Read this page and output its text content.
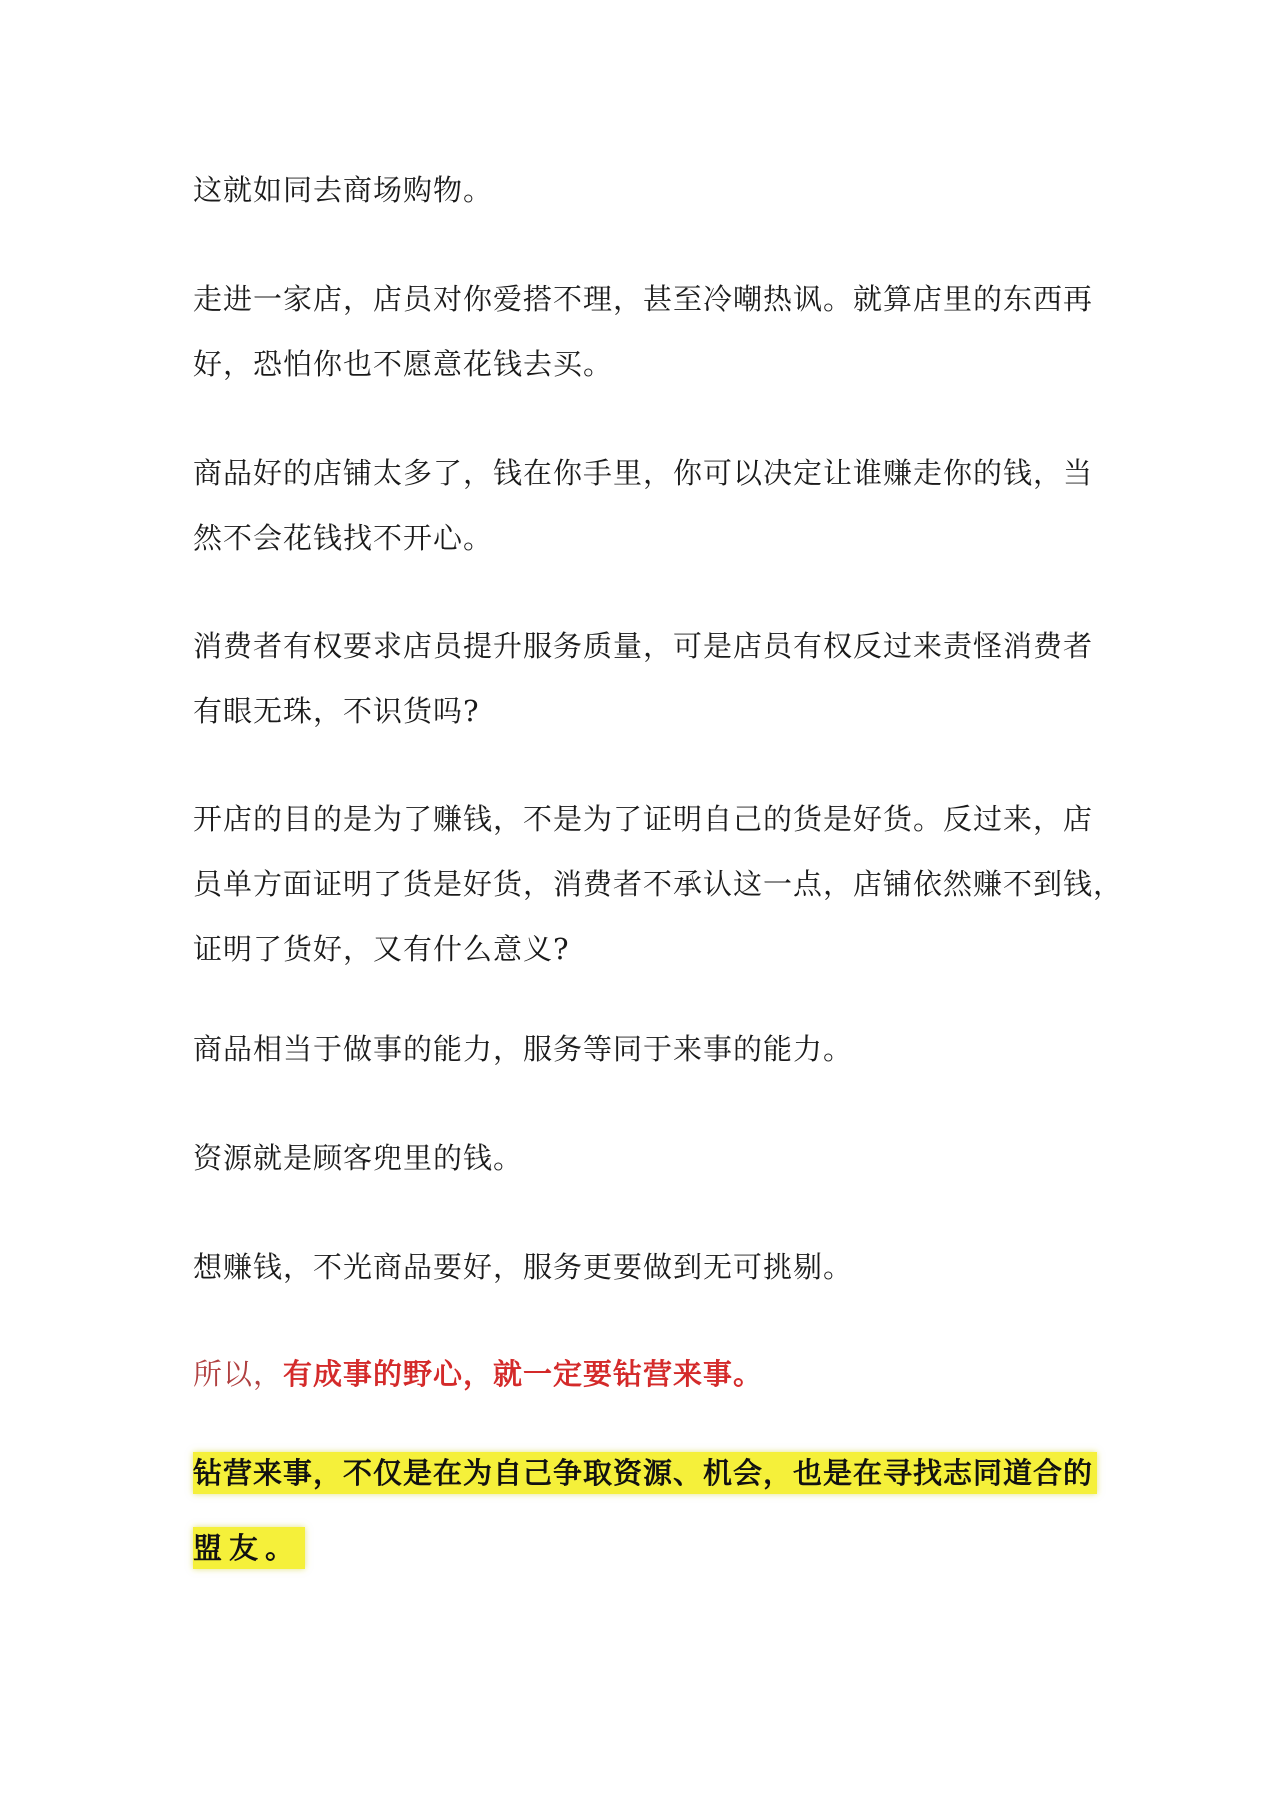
这就如同去商场购物。
走进一家店，店员对你爱搭不理，甚至冷嘲热讽。就算店里的东西再
好，恐怕你也不愿意花钱去买。
商品好的店铺太多了，钱在你手里，你可以决定让谁赚走你的钱，当
然不会花钱找不开心。
消费者有权要求店员提升服务质量，可是店员有权反过来责怪消费者
有眼无珠，不识货吗?
开店的目的是为了赚钱，不是为了证明自己的货是好货。反过来，店
员单方面证明了货是好货，消费者不承认这一点，店铺依然赚不到钱，
证明了货好，又有什么意义?
商品相当于做事的能力，服务等同于来事的能力。
资源就是顾客兜里的钱。
想赚钱，不光商品要好，服务更要做到无可挑剔。
所以，有成事的野心，就一定要钻营来事。
钻营来事，不仅是在为自己争取资源、机会，也是在寻找志同道合的
盟友。
